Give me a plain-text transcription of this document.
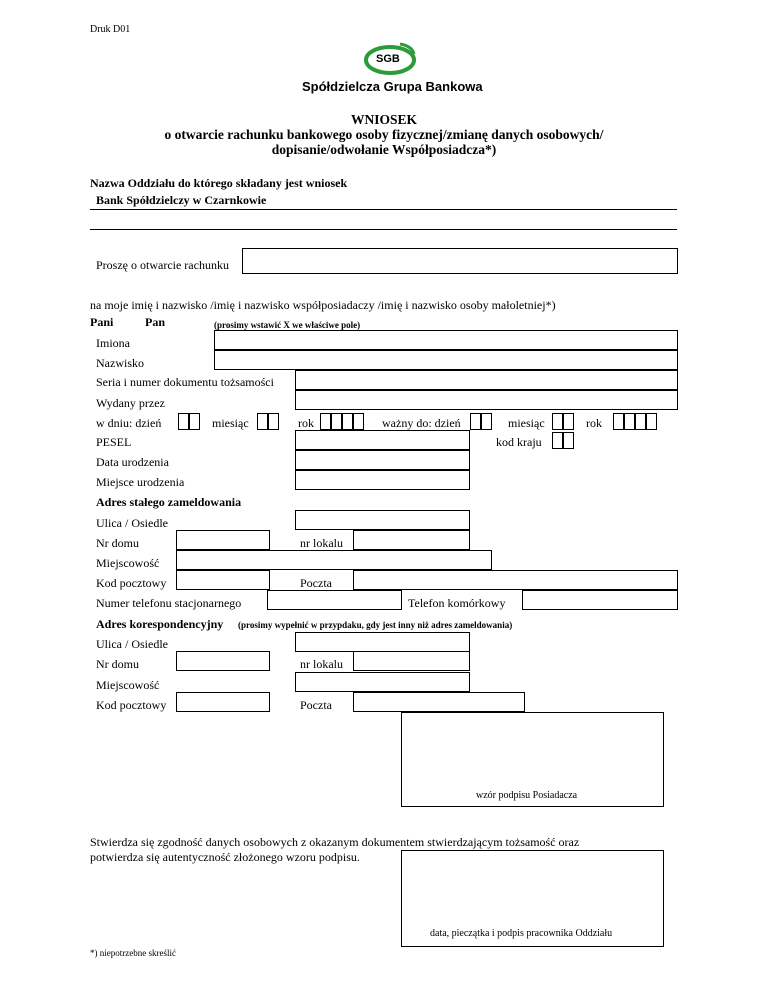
Druk D01
SGB
Spółdzielcza Grupa Bankowa
WNIOSEK
o otwarcie rachunku bankowego osoby fizycznej/zmianę danych osobowych/
dopisanie/odwołanie Współposiadcza*)
Nazwa Oddziału do którego składany jest wniosek
Bank Spółdzielczy w Czarnkowie
Proszę o otwarcie rachunku
na moje imię i nazwisko /imię i nazwisko współposiadaczy /imię i nazwisko osoby małoletniej*)
Pani	Pan	(prosimy wstawić X we właściwe pole)
Imiona
Nazwisko
Seria i numer dokumentu tożsamości
Wydany przez
w dniu: dzień	miesiąc	rok	ważny do: dzień	miesiąc	rok
PESEL	kod kraju
Data urodzenia
Miejsce urodzenia
Adres stałego zameldowania
Ulica / Osiedle
Nr domu	nr lokalu
Miejscowość
Kod pocztowy	Poczta
Numer telefonu stacjonarnego	Telefon komórkowy
Adres korespondencyjny (prosimy wypełnić w przypdaku, gdy jest inny niż adres zameldowania)
Ulica / Osiedle
Nr domu	nr lokalu
Miejscowość
Kod pocztowy	Poczta
wzór podpisu Posiadacza
Stwierdza się zgodność danych osobowych z okazanym dokumentem stwierdzającym tożsamość oraz
potwierdza się autentyczność złożonego wzoru podpisu.
data, pieczątka i podpis pracownika Oddziału
*) niepotrzebne skreślić
